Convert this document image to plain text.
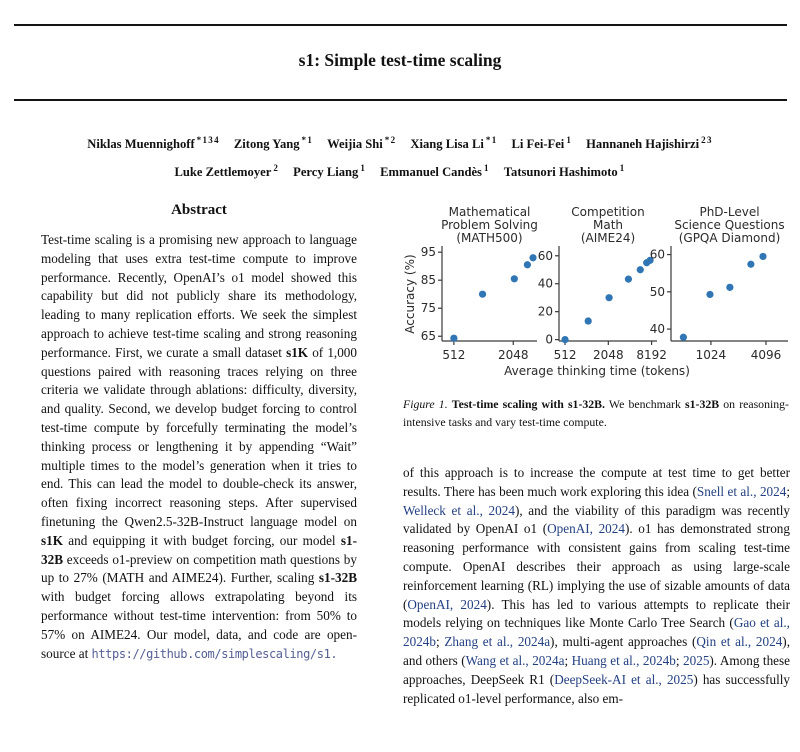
s1: Simple test-time scaling
Niklas Muennighoff $^{*134}$ Zitong Yang $^{*1}$ Weijia Shi $^{*2}$ Xiang Lisa Li $^{*1}$ Li Fei-Fei $^1$ Hannaneh Hajishirzi $^{23}$
Luke Zettlemoyer $^2$ Percy Liang $^1$ Emmanuel Candès $^1$ Tatsunori Hashimoto $^1$
Abstract
Test-time scaling is a promising new approach to language modeling that uses extra test-time compute to improve performance. Recently, OpenAI’s o1 model showed this capability but did not publicly share its methodology, leading to many replication efforts. We seek the simplest approach to achieve test-time scaling and strong reasoning performance. First, we curate a small dataset s1K of 1,000 questions paired with reasoning traces relying on three criteria we validate through ablations: difficulty, diversity, and quality. Second, we develop budget forcing to control test-time compute by forcefully terminating the model’s thinking process or lengthening it by appending “Wait” multiple times to the model’s generation when it tries to end. This can lead the model to double-check its answer, often fixing incorrect reasoning steps. After supervised finetuning the Qwen2.5-32B-Instruct language model on s1K and equipping it with budget forcing, our model s1-32B exceeds o1-preview on competition math questions by up to 27% (MATH and AIME24). Further, scaling s1-32B with budget forcing allows extrapolating beyond its performance without test-time intervention: from 50% to 57% on AIME24. Our model, data, and code are open-source at https://github.com/simplescaling/s1.
Mathematical
Problem Solving
(MATH500)
65
75
85
95
512	2048
Competition
Math
(AIME24)
0
20
40
60
512 2048 8192
PhD-Level
Science Questions
(GPQA Diamond)
40
50
60
1024 4096
Average thinking time (tokens)
Accuracy (%)
Figure 1. Test-time scaling with s1-32B. We benchmark s1-32B on reasoning-intensive tasks and vary test-time compute.
of this approach is to increase the compute at test time to get better results. There has been much work exploring this idea (Snell et al., 2024; Welleck et al., 2024), and the viability of this paradigm was recently validated by OpenAI o1 (OpenAI, 2024). o1 has demonstrated strong reasoning performance with consistent gains from scaling test-time compute. OpenAI describes their approach as using large-scale reinforcement learning (RL) implying the use of sizable amounts of data (OpenAI, 2024). This has led to various attempts to replicate their models relying on techniques like Monte Carlo Tree Search (Gao et al., 2024b; Zhang et al., 2024a), multi-agent approaches (Qin et al., 2024), and others (Wang et al., 2024a; Huang et al., 2024b; 2025). Among these approaches, DeepSeek R1 (DeepSeek-AI et al., 2025) has successfully replicated o1-level performance, also em-
